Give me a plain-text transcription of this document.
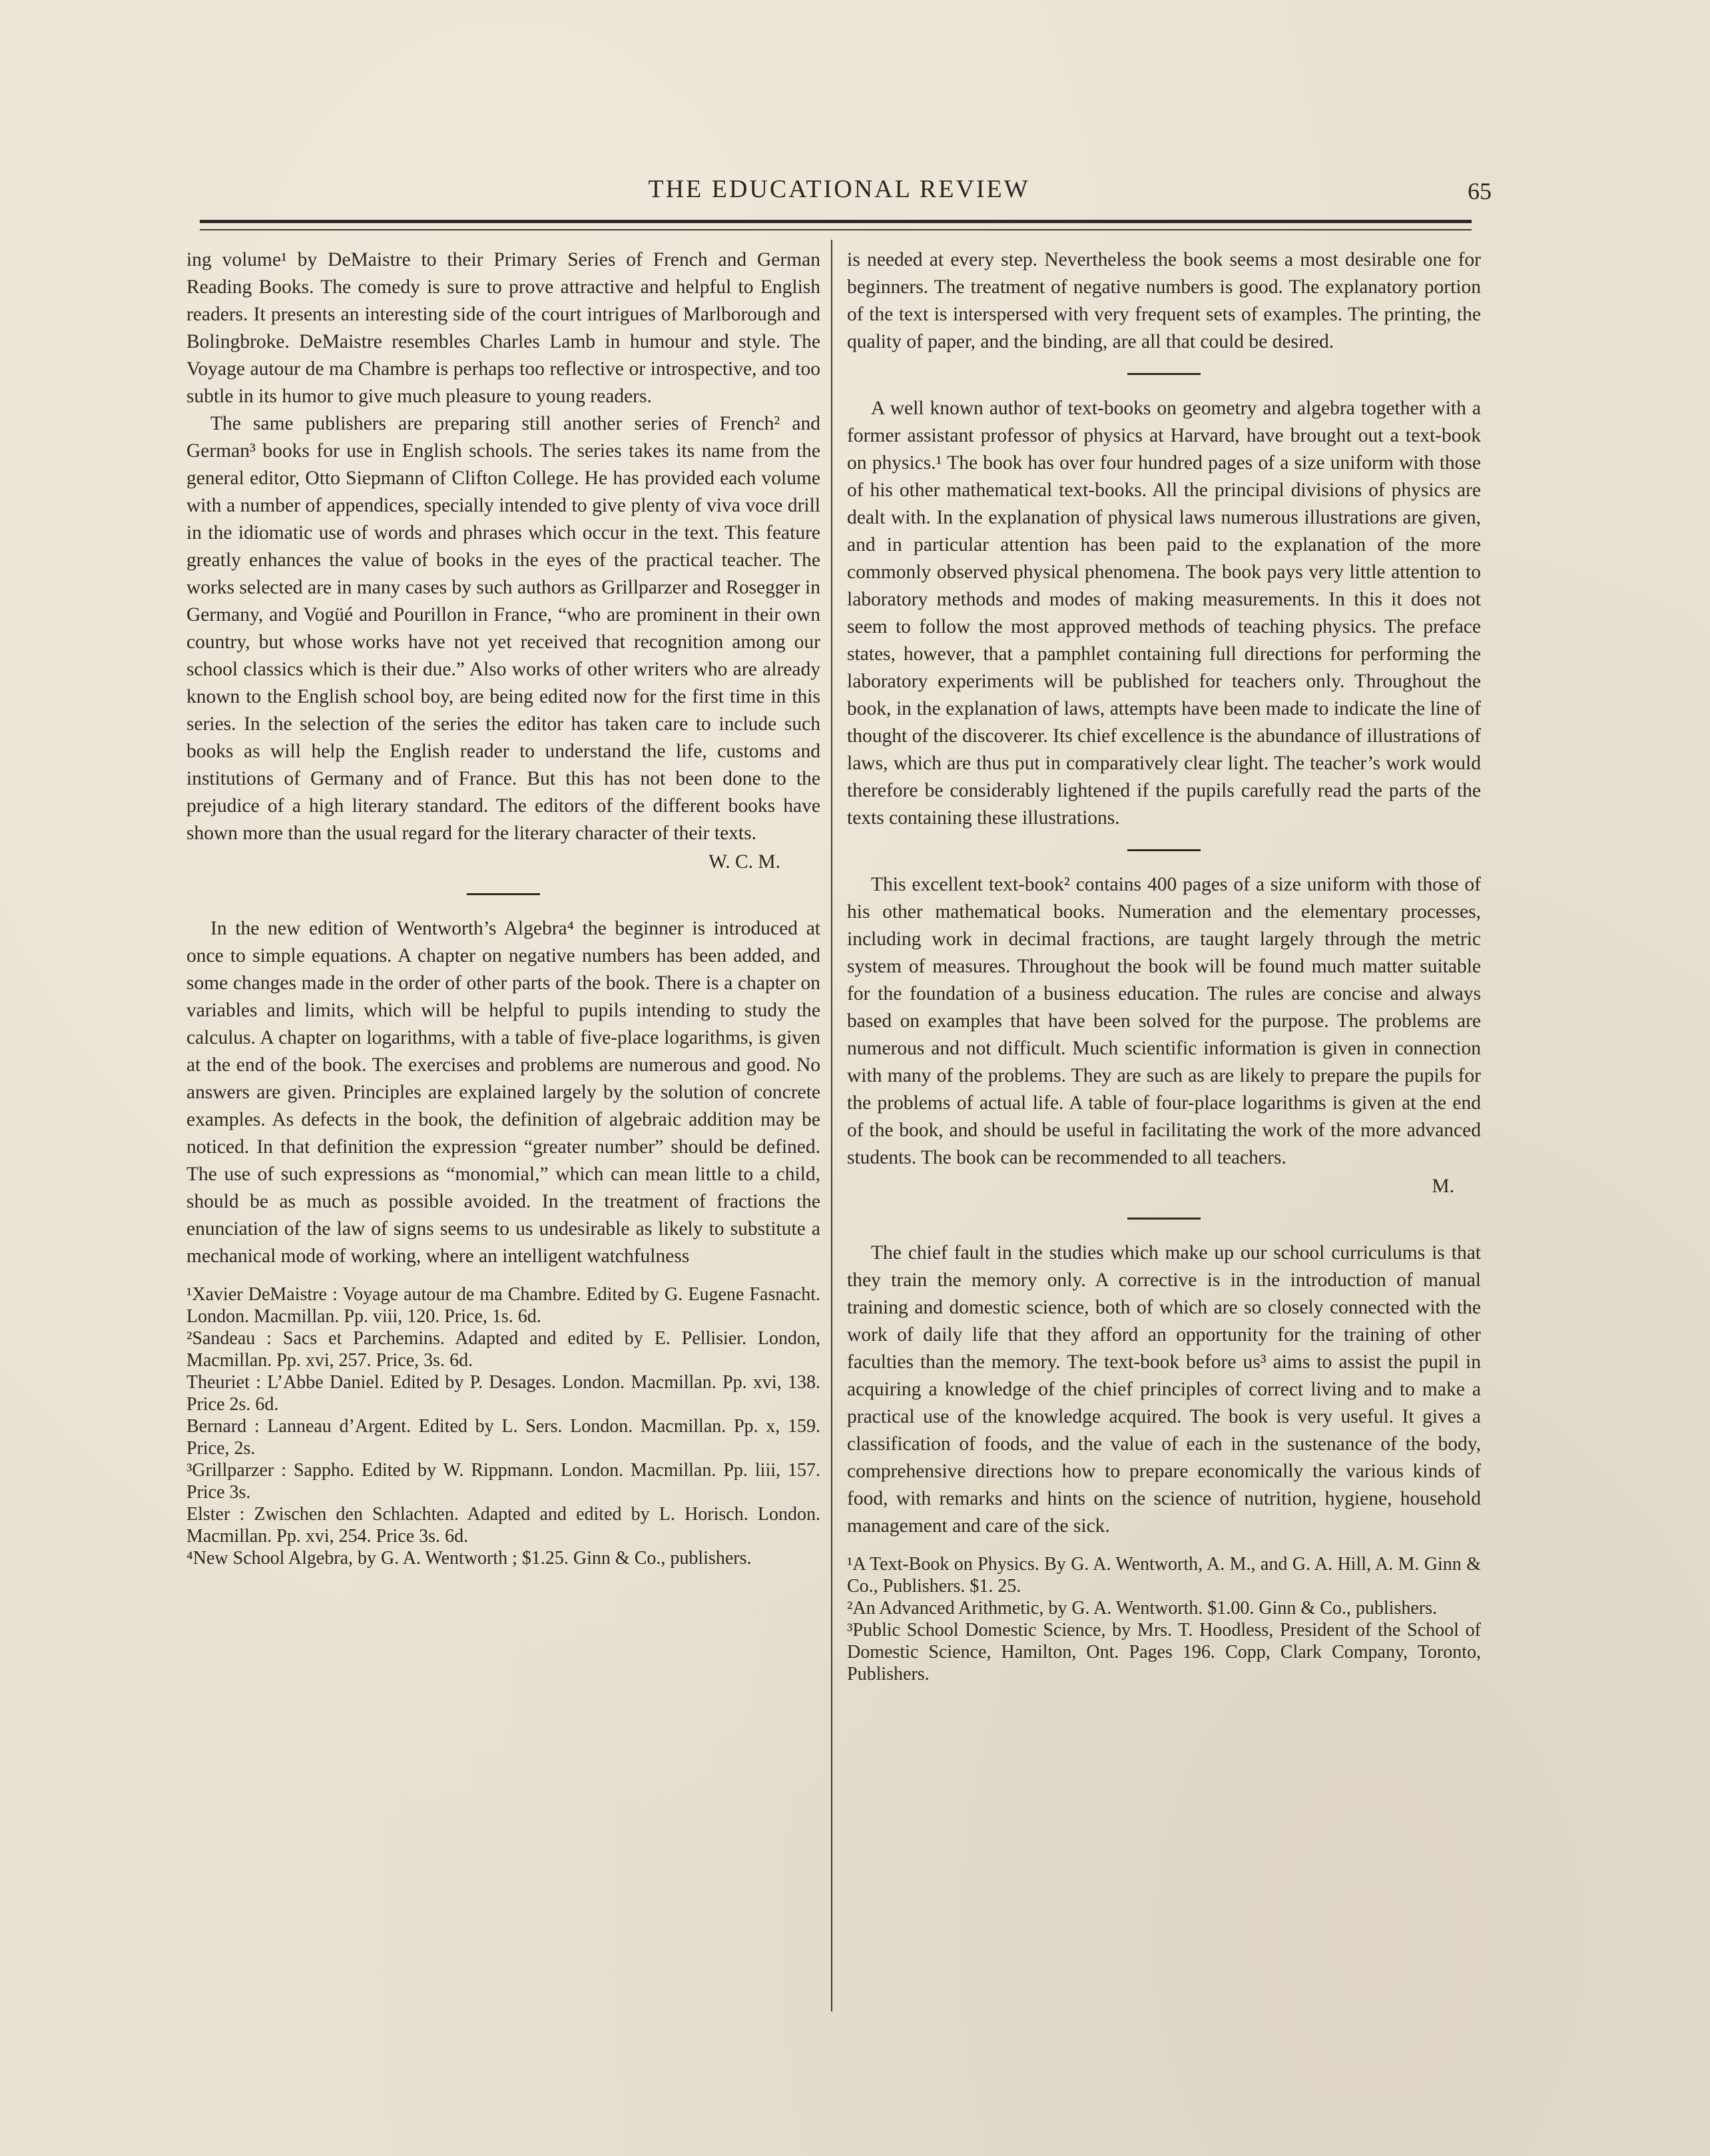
THE EDUCATIONAL REVIEW	65

ing volume¹ by DeMaistre to their Primary Series of French and German Reading Books. The comedy is sure to prove attractive and helpful to English readers. It presents an interesting side of the court intrigues of Marlborough and Bolingbroke. DeMaistre resembles Charles Lamb in humour and style. The Voyage autour de ma Chambre is perhaps too reflective or introspective, and too subtle in its humor to give much pleasure to young readers.

The same publishers are preparing still another series of French² and German³ books for use in English schools. The series takes its name from the general editor, Otto Siepmann of Clifton College. He has provided each volume with a number of appendices, specially intended to give plenty of viva voce drill in the idiomatic use of words and phrases which occur in the text. This feature greatly enhances the value of books in the eyes of the practical teacher. The works selected are in many cases by such authors as Grillparzer and Rosegger in Germany, and Vogüé and Pourillon in France, “who are prominent in their own country, but whose works have not yet received that recognition among our school classics which is their due.” Also works of other writers who are already known to the English school boy, are being edited now for the first time in this series. In the selection of the series the editor has taken care to include such books as will help the English reader to understand the life, customs and institutions of Germany and of France. But this has not been done to the prejudice of a high literary standard. The editors of the different books have shown more than the usual regard for the literary character of their texts.

W. C. M.

In the new edition of Wentworth’s Algebra⁴ the beginner is introduced at once to simple equations. A chapter on negative numbers has been added, and some changes made in the order of other parts of the book. There is a chapter on variables and limits, which will be helpful to pupils intending to study the calculus. A chapter on logarithms, with a table of five-place logarithms, is given at the end of the book. The exercises and problems are numerous and good. No answers are given. Principles are explained largely by the solution of concrete examples. As defects in the book, the definition of algebraic addition may be noticed. In that definition the expression “greater number” should be defined. The use of such expressions as “monomial,” which can mean little to a child, should be as much as possible avoided. In the treatment of fractions the enunciation of the law of signs seems to us undesirable as likely to substitute a mechanical mode of working, where an intelligent watchfulness

¹Xavier DeMaistre : Voyage autour de ma Chambre. Edited by G. Eugene Fasnacht. London. Macmillan. Pp. viii, 120. Price, 1s. 6d.

²Sandeau : Sacs et Parchemins. Adapted and edited by E. Pellisier. London, Macmillan. Pp. xvi, 257. Price, 3s. 6d.

Theuriet : L’Abbe Daniel. Edited by P. Desages. London. Macmillan. Pp. xvi, 138. Price 2s. 6d.

Bernard : Lanneau d’Argent. Edited by L. Sers. London. Macmillan. Pp. x, 159. Price, 2s.

³Grillparzer : Sappho. Edited by W. Rippmann. London. Macmillan. Pp. liii, 157. Price 3s.

Elster : Zwischen den Schlachten. Adapted and edited by L. Horisch. London. Macmillan. Pp. xvi, 254. Price 3s. 6d.

⁴New School Algebra, by G. A. Wentworth ; $1.25. Ginn & Co., publishers.

is needed at every step. Nevertheless the book seems a most desirable one for beginners. The treatment of negative numbers is good. The explanatory portion of the text is interspersed with very frequent sets of examples. The printing, the quality of paper, and the binding, are all that could be desired.

A well known author of text-books on geometry and algebra together with a former assistant professor of physics at Harvard, have brought out a text-book on physics.¹ The book has over four hundred pages of a size uniform with those of his other mathematical text-books. All the principal divisions of physics are dealt with. In the explanation of physical laws numerous illustrations are given, and in particular attention has been paid to the explanation of the more commonly observed physical phenomena. The book pays very little attention to laboratory methods and modes of making measurements. In this it does not seem to follow the most approved methods of teaching physics. The preface states, however, that a pamphlet containing full directions for performing the laboratory experiments will be published for teachers only. Throughout the book, in the explanation of laws, attempts have been made to indicate the line of thought of the discoverer. Its chief excellence is the abundance of illustrations of laws, which are thus put in comparatively clear light. The teacher’s work would therefore be considerably lightened if the pupils carefully read the parts of the texts containing these illustrations.

This excellent text-book² contains 400 pages of a size uniform with those of his other mathematical books. Numeration and the elementary processes, including work in decimal fractions, are taught largely through the metric system of measures. Throughout the book will be found much matter suitable for the foundation of a business education. The rules are concise and always based on examples that have been solved for the purpose. The problems are numerous and not difficult. Much scientific information is given in connection with many of the problems. They are such as are likely to prepare the pupils for the problems of actual life. A table of four-place logarithms is given at the end of the book, and should be useful in facilitating the work of the more advanced students. The book can be recommended to all teachers.

M.

The chief fault in the studies which make up our school curriculums is that they train the memory only. A corrective is in the introduction of manual training and domestic science, both of which are so closely connected with the work of daily life that they afford an opportunity for the training of other faculties than the memory. The text-book before us³ aims to assist the pupil in acquiring a knowledge of the chief principles of correct living and to make a practical use of the knowledge acquired. The book is very useful. It gives a classification of foods, and the value of each in the sustenance of the body, comprehensive directions how to prepare economically the various kinds of food, with remarks and hints on the science of nutrition, hygiene, household management and care of the sick.

¹A Text-Book on Physics. By G. A. Wentworth, A. M., and G. A. Hill, A. M. Ginn & Co., Publishers. $1. 25.

²An Advanced Arithmetic, by G. A. Wentworth. $1.00. Ginn & Co., publishers.

³Public School Domestic Science, by Mrs. T. Hoodless, President of the School of Domestic Science, Hamilton, Ont. Pages 196. Copp, Clark Company, Toronto, Publishers.
